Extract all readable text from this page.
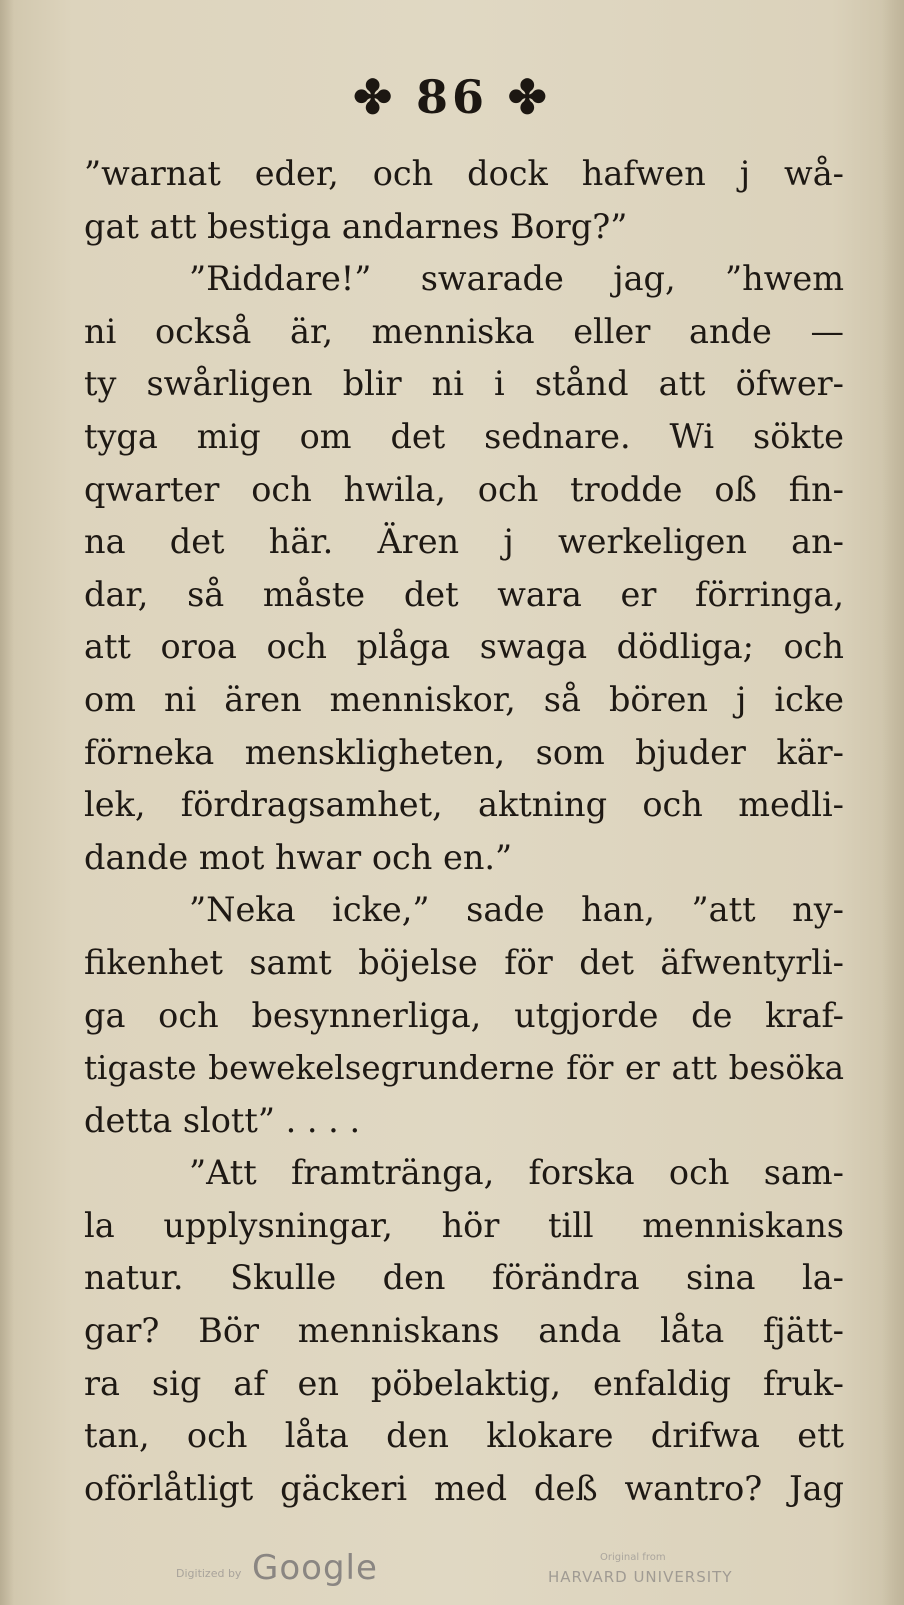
✤ 86 ✤
”warnat eder, och dock hafwen j wå-
gat att bestiga andarnes Borg?”
”Riddare!” swarade jag, ”hwem
ni också är, menniska eller ande —
ty swårligen blir ni i stånd att öfwer-
tyga mig om det sednare. Wi sökte
qwarter och hwila, och trodde oß fin-
na det här. Ären j werkeligen an-
dar, så måste det wara er förringa,
att oroa och plåga swaga dödliga; och
om ni ären menniskor, så bören j icke
förneka menskligheten, som bjuder kär-
lek, fördragsamhet, aktning och medli-
dande mot hwar och en.”
”Neka icke,” sade han, ”att ny-
fikenhet samt böjelse för det äfwentyrli-
ga och besynnerliga, utgjorde de kraf-
tigaste bewekelsegrunderne för er att besöka
detta slott” . . . .
”Att framtränga, forska och sam-
la upplysningar, hör till menniskans
natur. Skulle den förändra sina la-
gar? Bör menniskans anda låta fjätt-
ra sig af en pöbelaktig, enfaldig fruk-
tan, och låta den klokare drifwa ett
oförlåtligt gäckeri med deß wantro? Jag
Digitized by Google	Original from
HARVARD UNIVERSITY
